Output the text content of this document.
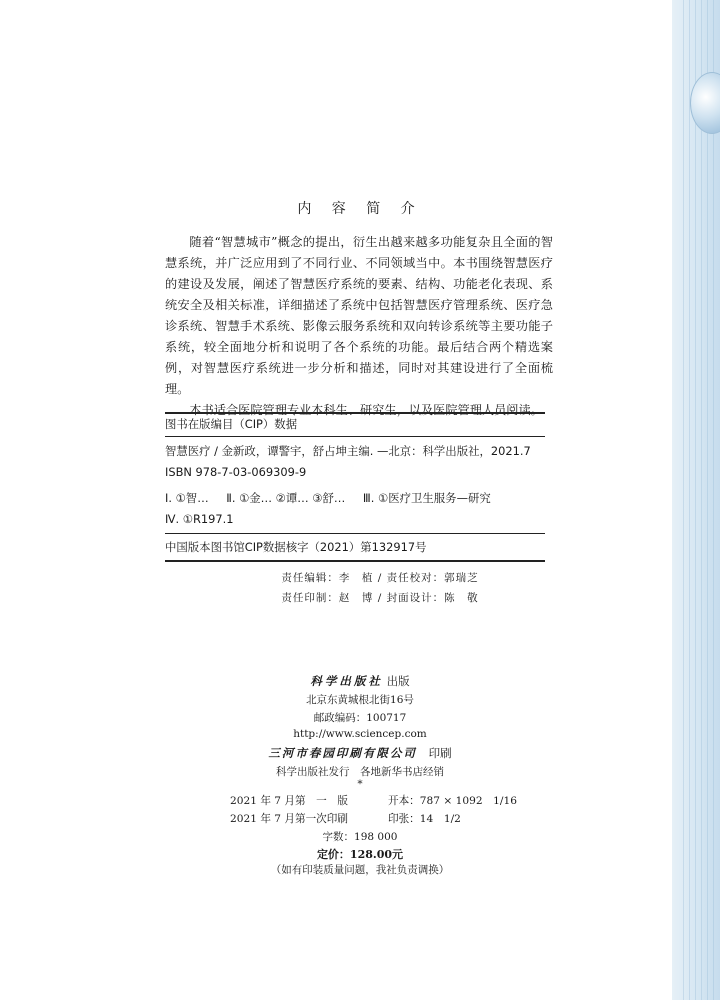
内 容 简 介

随着“智慧城市”概念的提出，衍生出越来越多功能复杂且全面的智慧系统，并广泛应用到了不同行业、不同领域当中。本书围绕智慧医疗的建设及发展，阐述了智慧医疗系统的要素、结构、功能老化表现、系统安全及相关标准，详细描述了系统中包括智慧医疗管理系统、医疗急诊系统、智慧手术系统、影像云服务系统和双向转诊系统等主要功能子系统，较全面地分析和说明了各个系统的功能。最后结合两个精选案例，对智慧医疗系统进一步分析和描述，同时对其建设进行了全面梳理。

本书适合医院管理专业本科生、研究生，以及医院管理人员阅读。

图书在版编目（CIP）数据
智慧医疗 / 金新政，谭警宇，舒占坤主编. —北京：科学出版社，2021.7
ISBN 978-7-03-069309-9
Ⅰ. ①智… Ⅱ. ①金… ②谭… ③舒… Ⅲ. ①医疗卫生服务—研究
Ⅳ. ①R197.1
中国版本图书馆CIP数据核字（2021）第132917号
责任编辑：李　植 / 责任校对：郭瑞芝
责任印制：赵　博 / 封面设计：陈　敬
科学出版社 出版
北京东黄城根北街16号
邮政编码：100717
http://www.sciencep.com
三河市春园印刷有限公司 印刷
科学出版社发行　各地新华书店经销
*
2021 年 7 月第　一　版	开本：787 × 1092　1/16
2021 年 7 月第一次印刷	印张：14　1/2
字数：198 000
定价：128.00元
（如有印装质量问题，我社负责调换）
